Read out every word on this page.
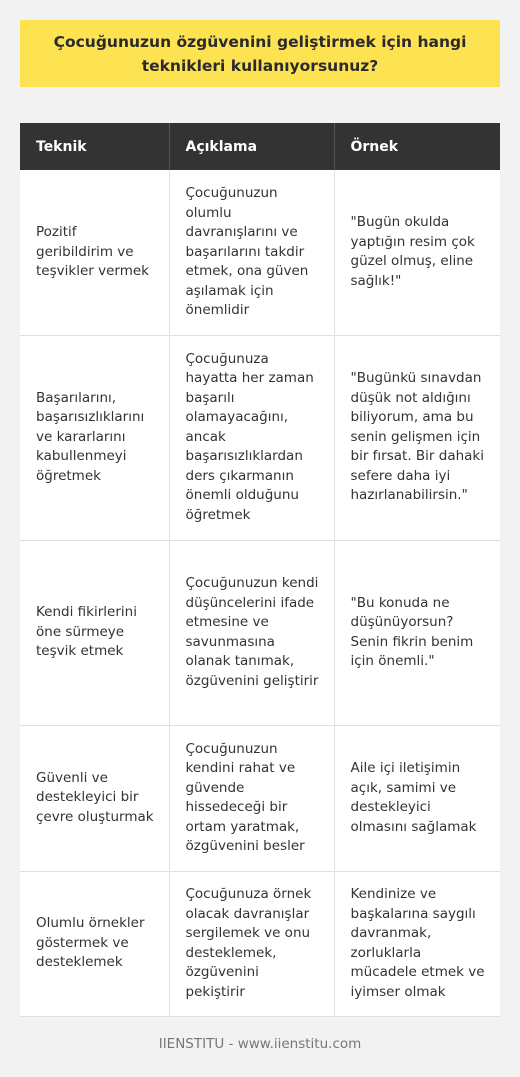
Çocuğunuzun özgüvenini geliştirmek için hangi teknikleri kullanıyorsunuz?
Teknik	Açıklama	Örnek
Pozitif geribildirim ve teşvikler vermek	Çocuğunuzun olumlu davranışlarını ve başarılarını takdir etmek, ona güven aşılamak için önemlidir	"Bugün okulda yaptığın resim çok güzel olmuş, eline sağlık!"
Başarılarını, başarısızlıklarını ve kararlarını kabullenmeyi öğretmek	Çocuğunuza hayatta her zaman başarılı olamayacağını, ancak başarısızlıklardan ders çıkarmanın önemli olduğunu öğretmek	"Bugünkü sınavdan düşük not aldığını biliyorum, ama bu senin gelişmen için bir fırsat. Bir dahaki sefere daha iyi hazırlanabilirsin."
Kendi fikirlerini öne sürmeye teşvik etmek	Çocuğunuzun kendi düşüncelerini ifade etmesine ve savunmasına olanak tanımak, özgüvenini geliştirir	"Bu konuda ne düşünüyorsun? Senin fikrin benim için önemli."
Güvenli ve destekleyici bir çevre oluşturmak	Çocuğunuzun kendini rahat ve güvende hissedeceği bir ortam yaratmak, özgüvenini besler	Aile içi iletişimin açık, samimi ve destekleyici olmasını sağlamak
Olumlu örnekler göstermek ve desteklemek	Çocuğunuza örnek olacak davranışlar sergilemek ve onu desteklemek, özgüvenini pekiştirir	Kendinize ve başkalarına saygılı davranmak, zorluklarla mücadele etmek ve iyimser olmak
IIENSTITU - www.iienstitu.com
